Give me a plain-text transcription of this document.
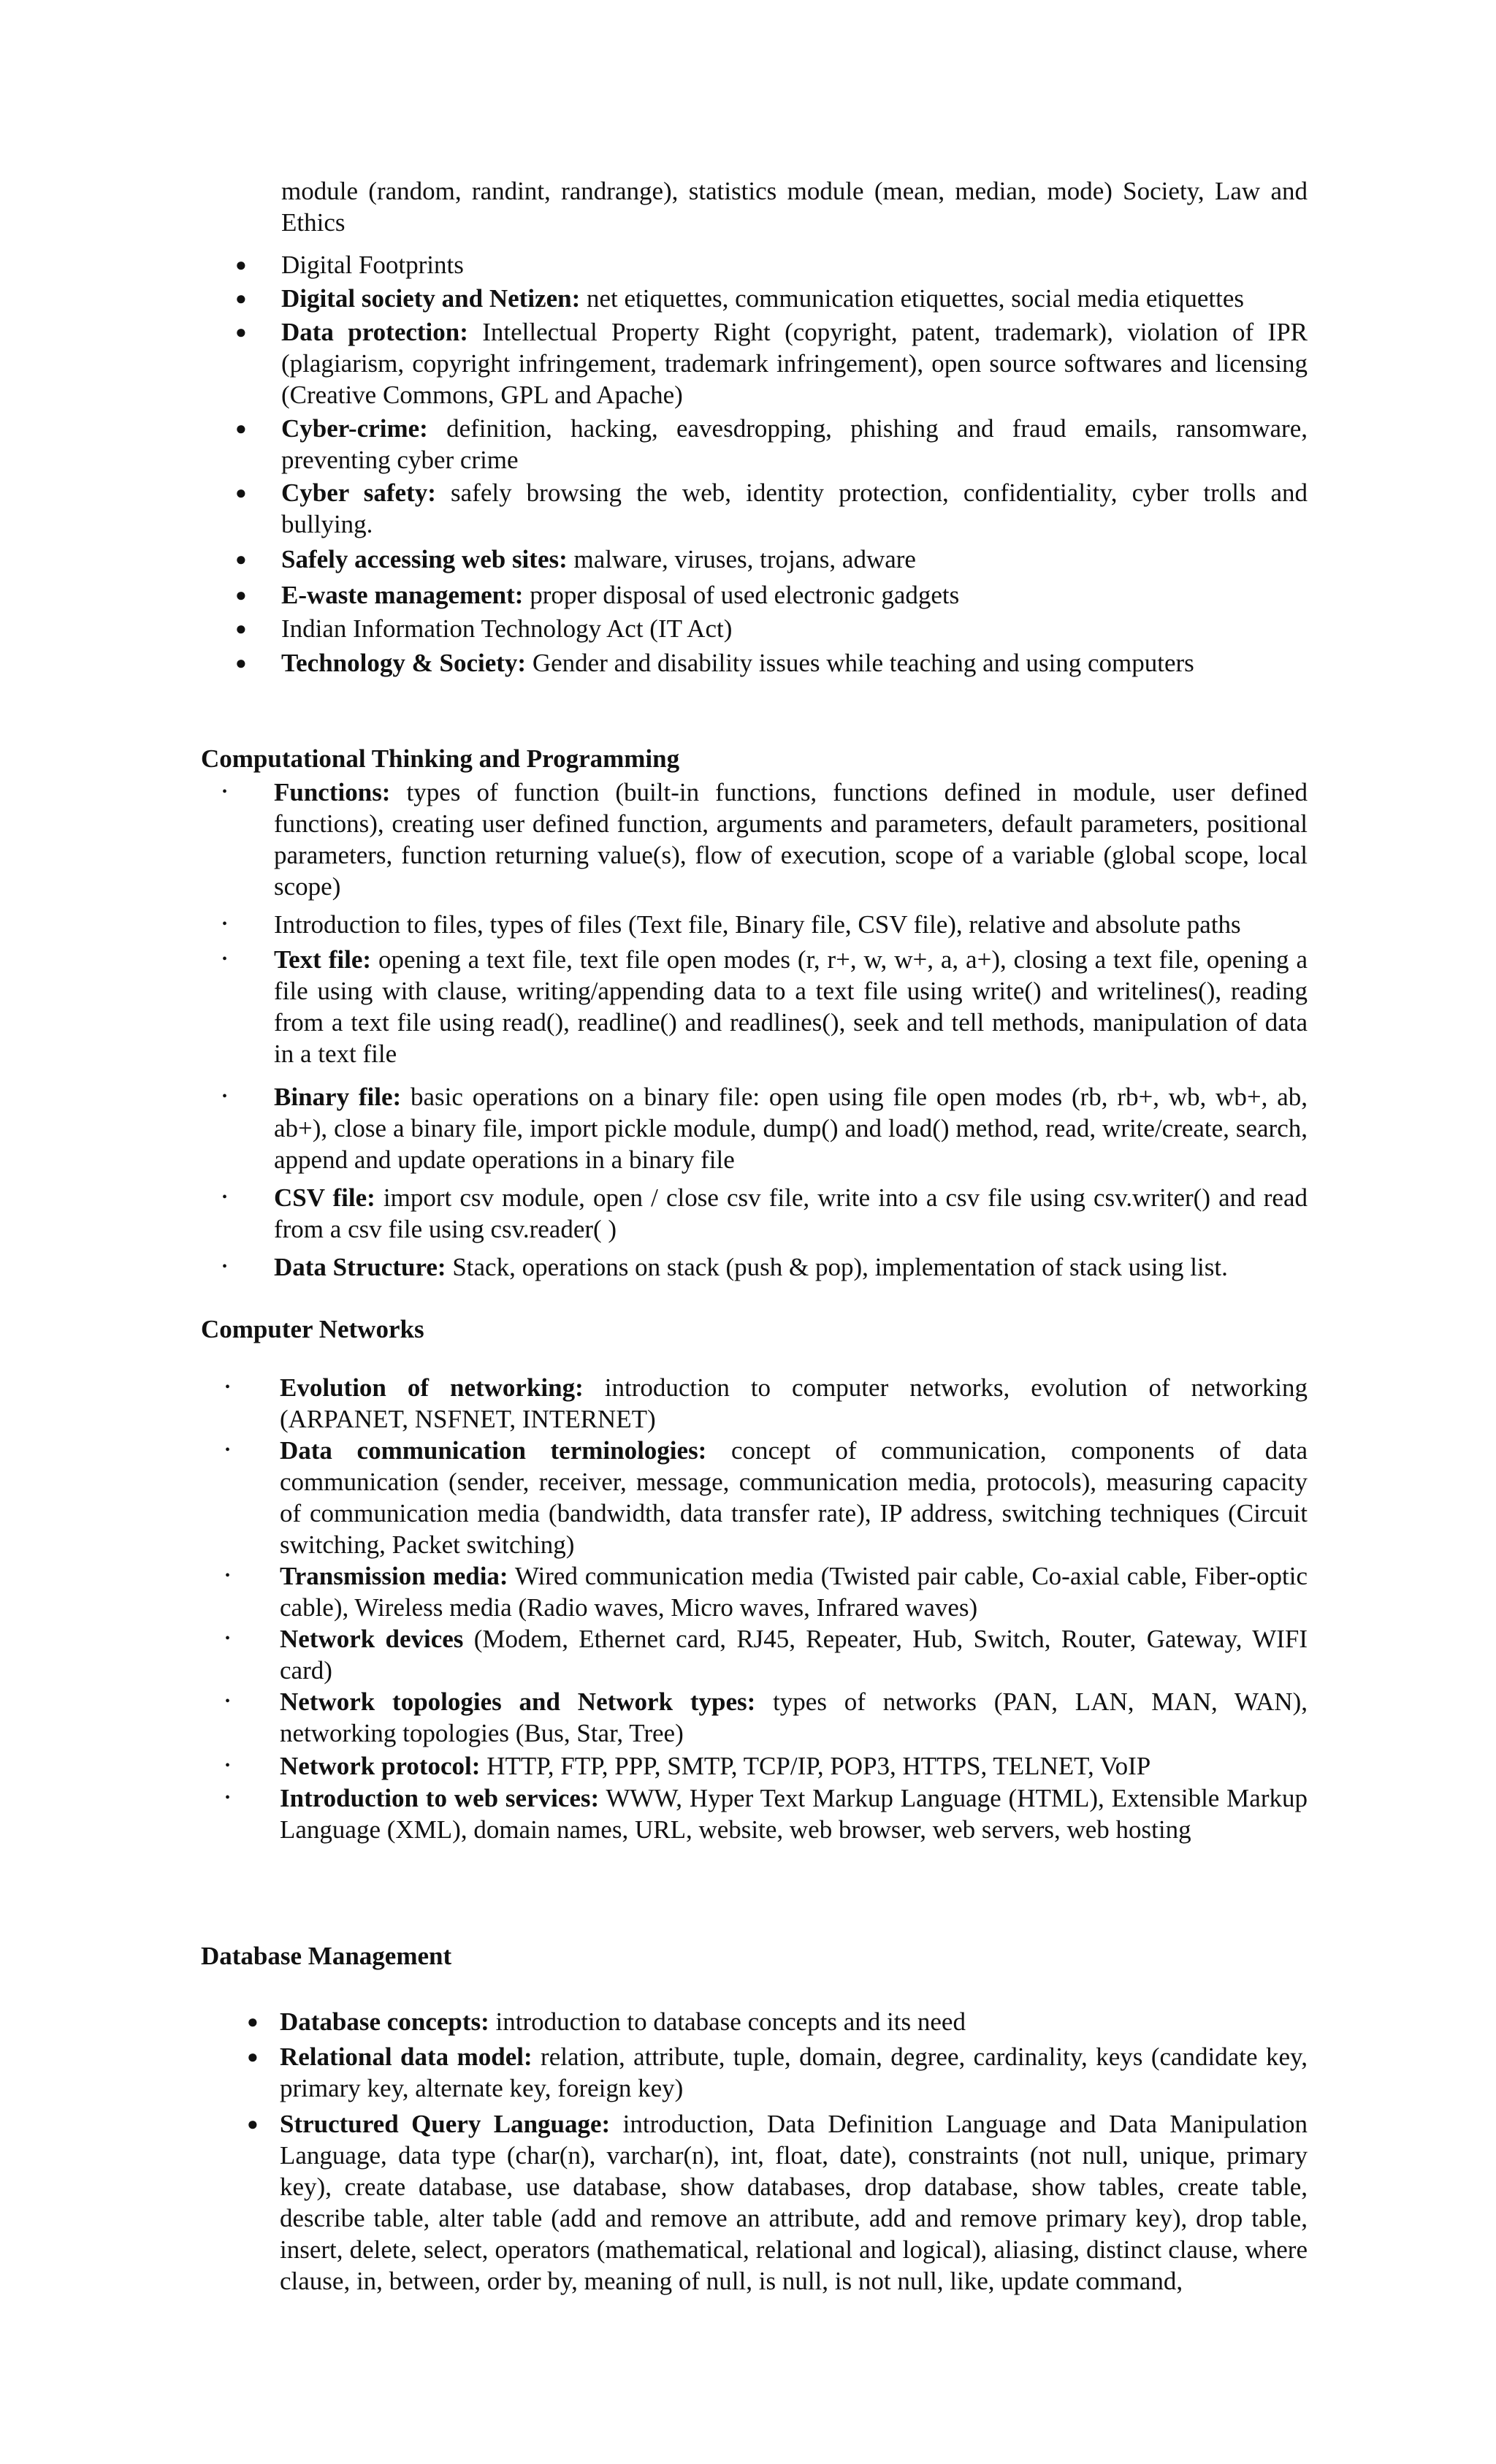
module (random, randint, randrange), statistics module (mean, median, mode) Society, Law and Ethics
● Digital Footprints
● Digital society and Netizen: net etiquettes, communication etiquettes, social media etiquettes
● Data protection: Intellectual Property Right (copyright, patent, trademark), violation of IPR (plagiarism, copyright infringement, trademark infringement), open source softwares and licensing (Creative Commons, GPL and Apache)
● Cyber-crime: definition, hacking, eavesdropping, phishing and fraud emails, ransomware, preventing cyber crime
● Cyber safety: safely browsing the web, identity protection, confidentiality, cyber trolls and bullying.
● Safely accessing web sites: malware, viruses, trojans, adware
● E-waste management: proper disposal of used electronic gadgets
● Indian Information Technology Act (IT Act)
● Technology & Society: Gender and disability issues while teaching and using computers
Computational Thinking and Programming
• Functions: types of function (built-in functions, functions defined in module, user defined functions), creating user defined function, arguments and parameters, default parameters, positional parameters, function returning value(s), flow of execution, scope of a variable (global scope, local scope)
• Introduction to files, types of files (Text file, Binary file, CSV file), relative and absolute paths
• Text file: opening a text file, text file open modes (r, r+, w, w+, a, a+), closing a text file, opening a file using with clause, writing/appending data to a text file using write() and writelines(), reading from a text file using read(), readline() and readlines(), seek and tell methods, manipulation of data in a text file
• Binary file: basic operations on a binary file: open using file open modes (rb, rb+, wb, wb+, ab, ab+), close a binary file, import pickle module, dump() and load() method, read, write/create, search, append and update operations in a binary file
• CSV file: import csv module, open / close csv file, write into a csv file using csv.writer() and read from a csv file using csv.reader( )
• Data Structure: Stack, operations on stack (push & pop), implementation of stack using list.
Computer Networks
• Evolution of networking: introduction to computer networks, evolution of networking (ARPANET, NSFNET, INTERNET)
• Data communication terminologies: concept of communication, components of data communication (sender, receiver, message, communication media, protocols), measuring capacity of communication media (bandwidth, data transfer rate), IP address, switching techniques (Circuit switching, Packet switching)
• Transmission media: Wired communication media (Twisted pair cable, Co-axial cable, Fiber-optic cable), Wireless media (Radio waves, Micro waves, Infrared waves)
• Network devices (Modem, Ethernet card, RJ45, Repeater, Hub, Switch, Router, Gateway, WIFI card)
• Network topologies and Network types: types of networks (PAN, LAN, MAN, WAN), networking topologies (Bus, Star, Tree)
• Network protocol: HTTP, FTP, PPP, SMTP, TCP/IP, POP3, HTTPS, TELNET, VoIP
• Introduction to web services: WWW, Hyper Text Markup Language (HTML), Extensible Markup Language (XML), domain names, URL, website, web browser, web servers, web hosting
Database Management
● Database concepts: introduction to database concepts and its need
● Relational data model: relation, attribute, tuple, domain, degree, cardinality, keys (candidate key, primary key, alternate key, foreign key)
● Structured Query Language: introduction, Data Definition Language and Data Manipulation Language, data type (char(n), varchar(n), int, float, date), constraints (not null, unique, primary key), create database, use database, show databases, drop database, show tables, create table, describe table, alter table (add and remove an attribute, add and remove primary key), drop table, insert, delete, select, operators (mathematical, relational and logical), aliasing, distinct clause, where clause, in, between, order by, meaning of null, is null, is not null, like, update command,
